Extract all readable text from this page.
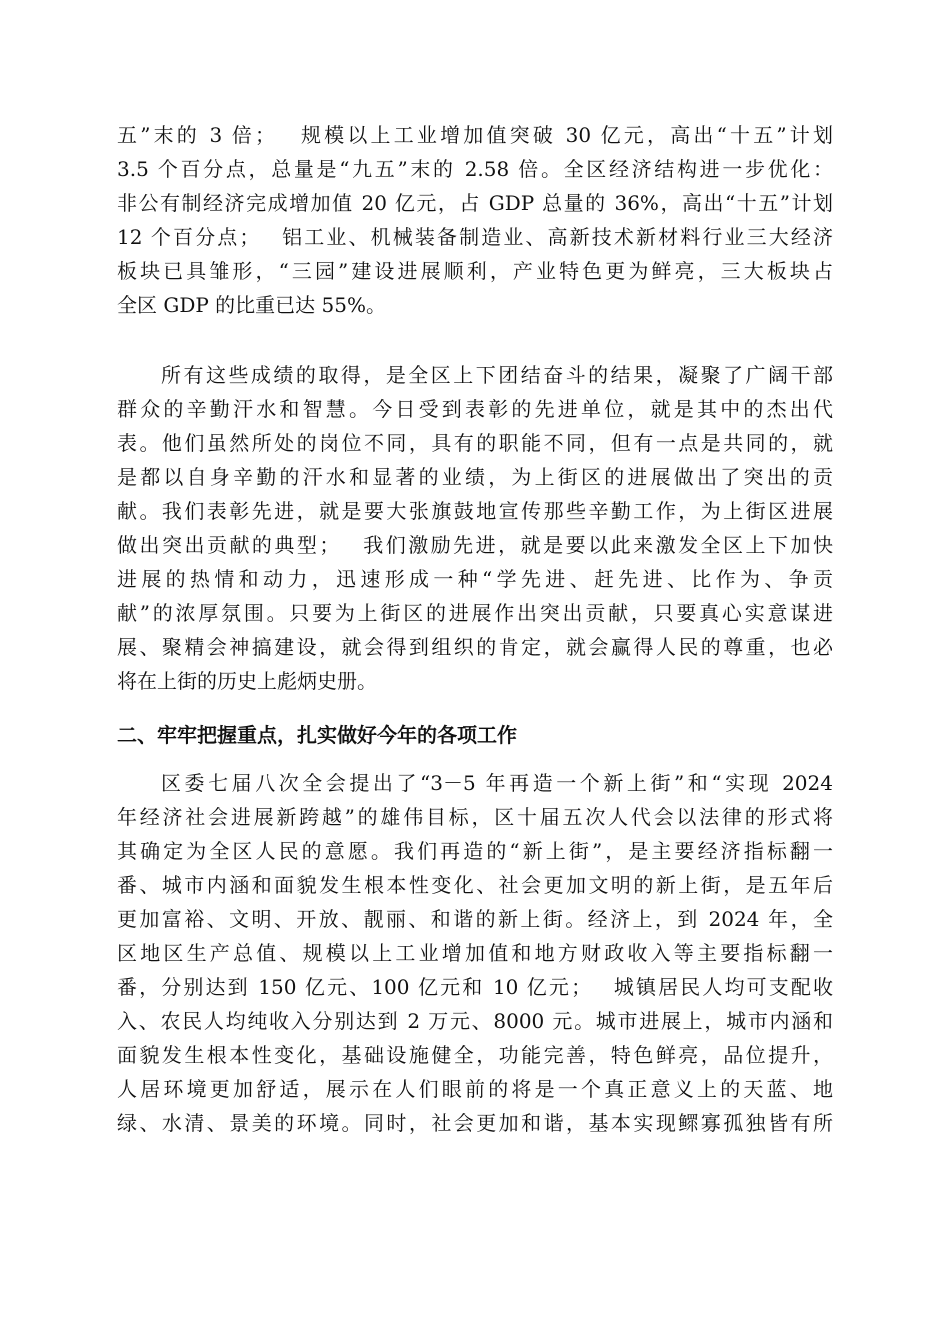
五”末的 3 倍；　 规模以上工业增加值突破 30 亿元，高出“十五”计划
3.5 个百分点，总量是“九五”末的 2.58 倍。全区经济结构进一步优化：
非公有制经济完成增加值 20 亿元，占 GDP 总量的 36%，高出“十五”计划
12 个百分点；　 铝工业、机械装备制造业、高新技术新材料行业三大经济
板块已具雏形，“三园”建设进展顺利，产业特色更为鲜亮，三大板块占
全区 GDP 的比重已达 55%。
所有这些成绩的取得，是全区上下团结奋斗的结果，凝聚了广阔干部
群众的辛勤汗水和智慧。今日受到表彰的先进单位，就是其中的杰出代
表。他们虽然所处的岗位不同，具有的职能不同，但有一点是共同的，就
是都以自身辛勤的汗水和显著的业绩，为上街区的进展做出了突出的贡
献。我们表彰先进，就是要大张旗鼓地宣传那些辛勤工作，为上街区进展
做出突出贡献的典型；　 我们激励先进，就是要以此来激发全区上下加快
进展的热情和动力，迅速形成一种“学先进、赶先进、比作为、争贡
献”的浓厚氛围。只要为上街区的进展作出突出贡献，只要真心实意谋进
展、聚精会神搞建设，就会得到组织的肯定，就会赢得人民的尊重，也必
将在上街的历史上彪炳史册。
二、牢牢把握重点，扎实做好今年的各项工作
区委七届八次全会提出了“3－5 年再造一个新上街”和“实现 2024
年经济社会进展新跨越”的雄伟目标，区十届五次人代会以法律的形式将
其确定为全区人民的意愿。我们再造的“新上街”，是主要经济指标翻一
番、城市内涵和面貌发生根本性变化、社会更加文明的新上街，是五年后
更加富裕、文明、开放、靓丽、和谐的新上街。经济上，到 2024 年，全
区地区生产总值、规模以上工业增加值和地方财政收入等主要指标翻一
番，分别达到 150 亿元、100 亿元和 10 亿元；　 城镇居民人均可支配收
入、农民人均纯收入分别达到 2 万元、8000 元。城市进展上，城市内涵和
面貌发生根本性变化，基础设施健全，功能完善，特色鲜亮，品位提升，
人居环境更加舒适，展示在人们眼前的将是一个真正意义上的天蓝、地
绿、水清、景美的环境。同时，社会更加和谐，基本实现鳏寡孤独皆有所
